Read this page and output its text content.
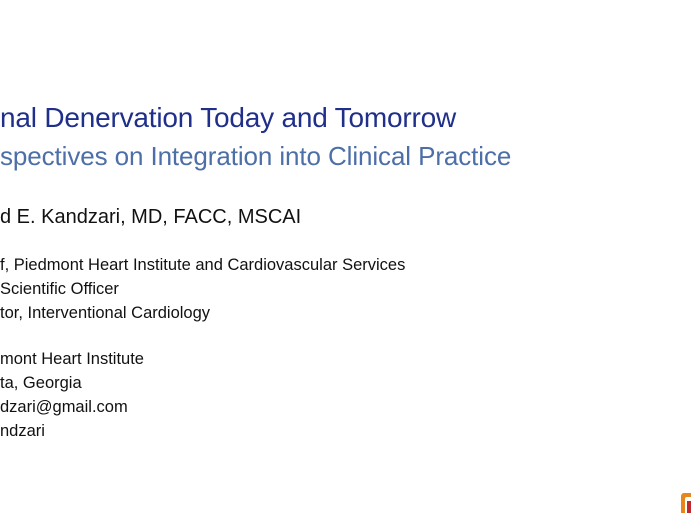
nal Denervation Today and Tomorrow
spectives on Integration into Clinical Practice
d E. Kandzari, MD, FACC, MSCAI
f, Piedmont Heart Institute and Cardiovascular Services
Scientific Officer
tor, Interventional Cardiology
mont Heart Institute
ta, Georgia
dzari@gmail.com
ndzari
